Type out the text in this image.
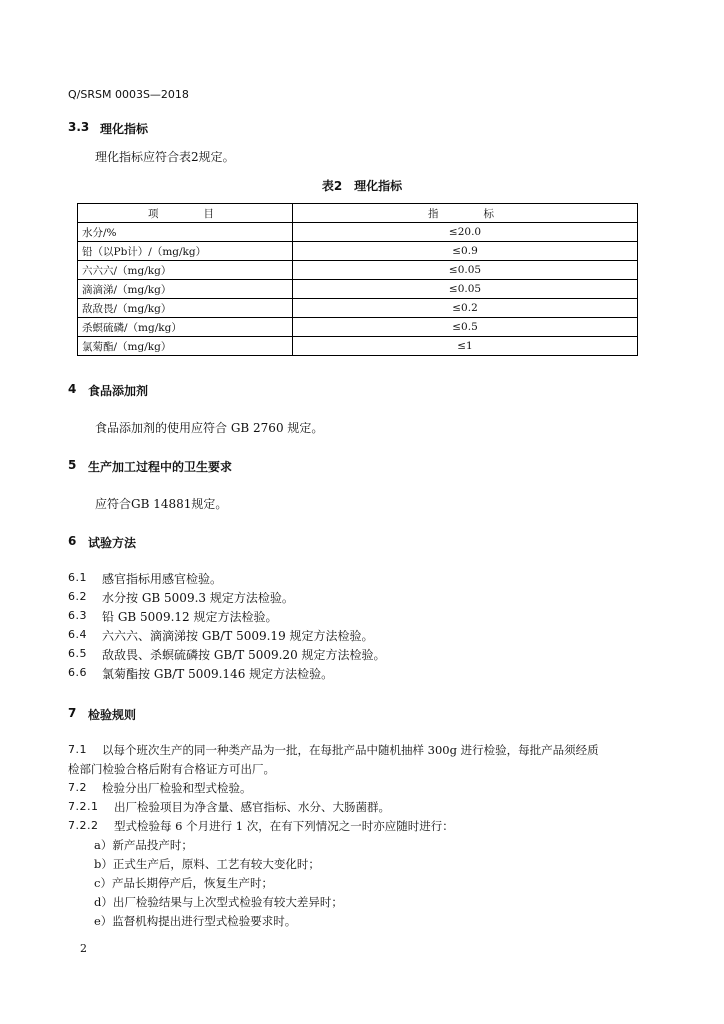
Q/SRSM 0003S—2018
3.3 理化指标
理化指标应符合表2规定。
表2　理化指标
项　　目	指　　标
水分/%	≤20.0
铅（以Pb计）/（mg/kg）	≤0.9
六六六/（mg/kg）	≤0.05
滴滴涕/（mg/kg）	≤0.05
敌敌畏/（mg/kg）	≤0.2
杀螟硫磷/（mg/kg）	≤0.5
氯菊酯/（mg/kg）	≤1
4 食品添加剂
食品添加剂的使用应符合 GB 2760 规定。
5 生产加工过程中的卫生要求
应符合GB 14881规定。
6 试验方法
6.1 感官指标用感官检验。
6.2 水分按 GB 5009.3 规定方法检验。
6.3 铅 GB 5009.12 规定方法检验。
6.4 六六六、滴滴涕按 GB/T 5009.19 规定方法检验。
6.5 敌敌畏、杀螟硫磷按 GB/T 5009.20 规定方法检验。
6.6 氯菊酯按 GB/T 5009.146 规定方法检验。
7 检验规则
7.1 以每个班次生产的同一种类产品为一批，在每批产品中随机抽样 300g 进行检验，每批产品须经质
检部门检验合格后附有合格证方可出厂。
7.2 检验分出厂检验和型式检验。
7.2.1 出厂检验项目为净含量、感官指标、水分、大肠菌群。
7.2.2 型式检验每 6 个月进行 1 次，在有下列情况之一时亦应随时进行：
a）新产品投产时；
b）正式生产后，原料、工艺有较大变化时；
c）产品长期停产后，恢复生产时；
d）出厂检验结果与上次型式检验有较大差异时；
e）监督机构提出进行型式检验要求时。
2
